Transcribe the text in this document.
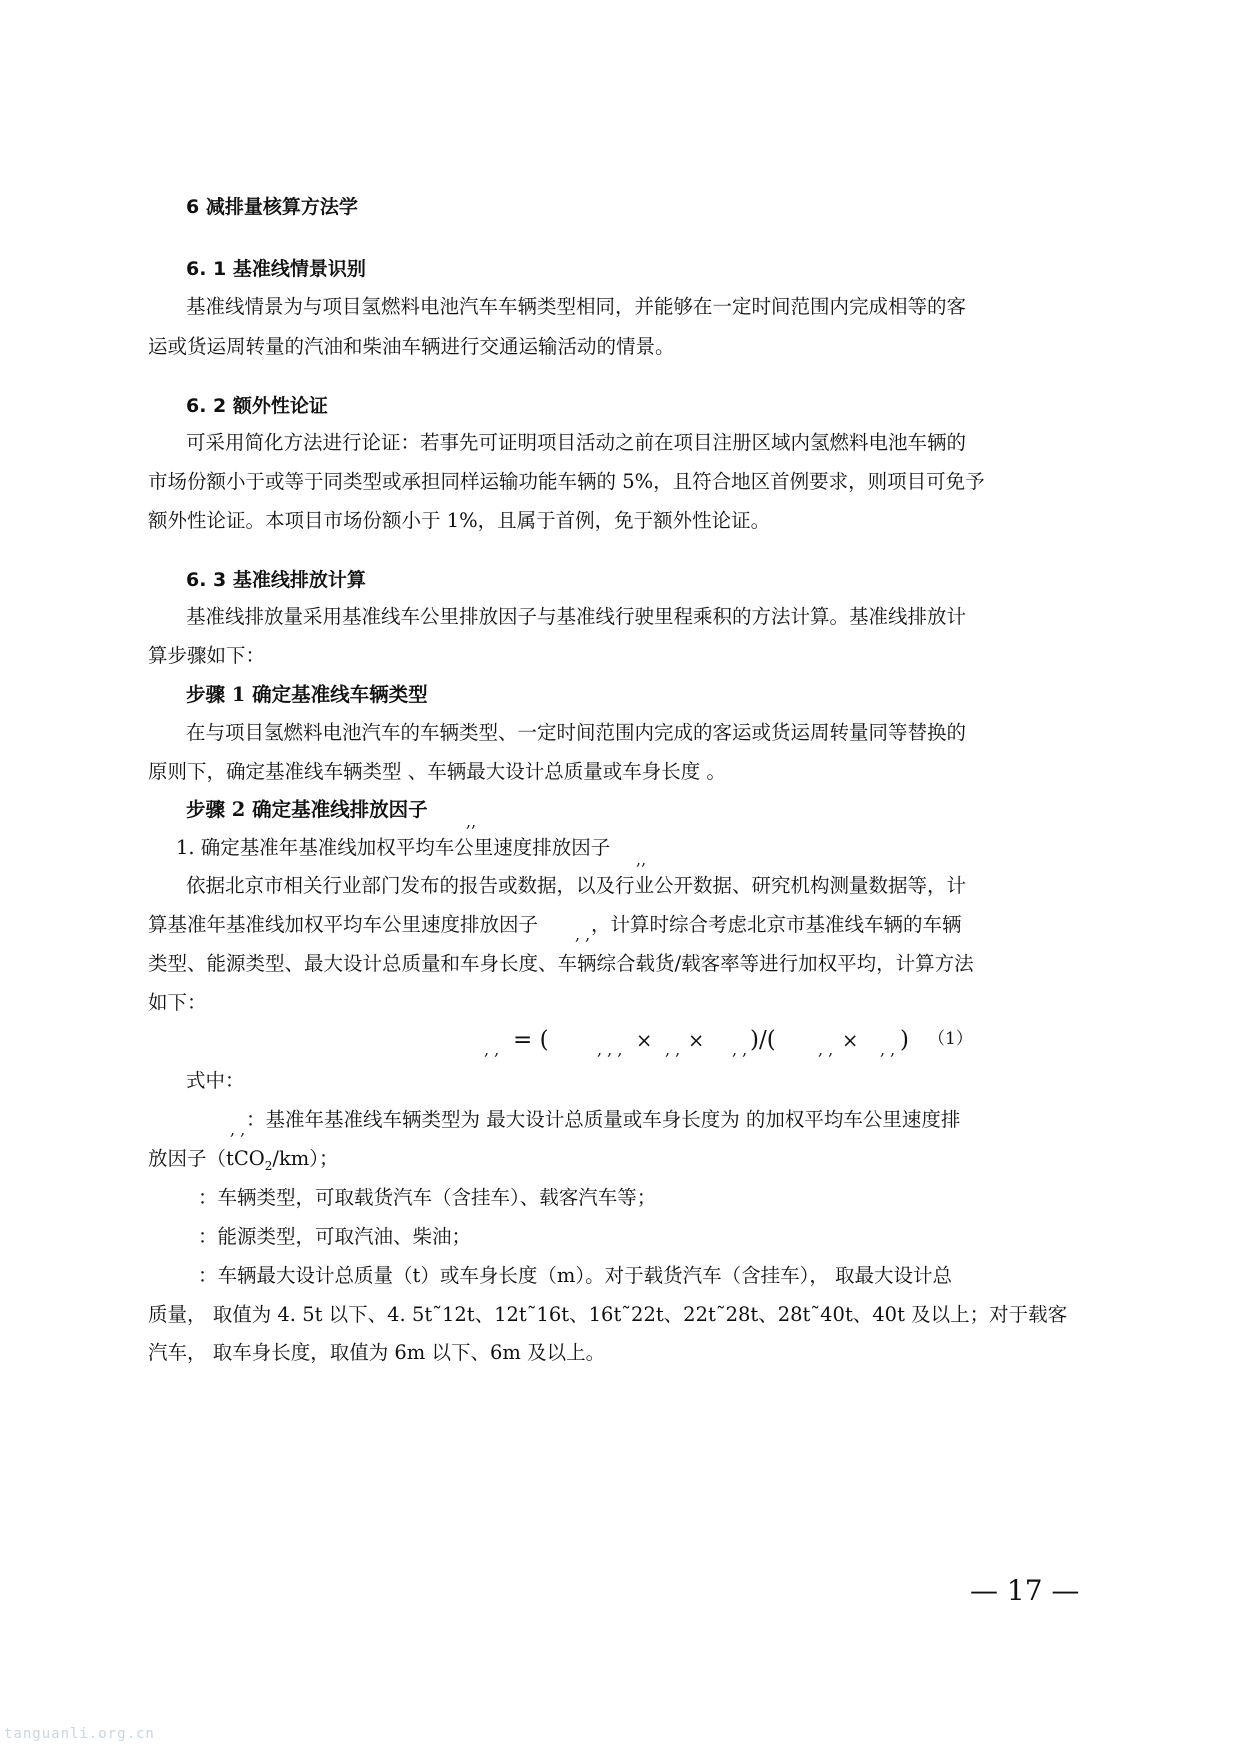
6 减排量核算方法学
6. 1 基准线情景识别
基准线情景为与项目氢燃料电池汽车车辆类型相同，并能够在一定时间范围内完成相等的客
运或货运周转量的汽油和柴油车辆进行交通运输活动的情景。
6. 2 额外性论证
可采用简化方法进行论证：若事先可证明项目活动之前在项目注册区域内氢燃料电池车辆的
市场份额小于或等于同类型或承担同样运输功能车辆的 5%，且符合地区首例要求，则项目可免予
额外性论证。本项目市场份额小于 1%，且属于首例，免于额外性论证。
6. 3 基准线排放计算
基准线排放量采用基准线车公里排放因子与基准线行驶里程乘积的方法计算。基准线排放计
算步骤如下：
步骤 1 确定基准线车辆类型
在与项目氢燃料电池汽车的车辆类型、一定时间范围内完成的客运或货运周转量同等替换的
原则下，确定基准线车辆类型 、车辆最大设计总质量或车身长度 。
步骤 2 确定基准线排放因子
,,
1. 确定基准年基准线加权平均车公里速度排放因子
,,
依据北京市相关行业部门发布的报告或数据，以及行业公开数据、研究机构测量数据等，计
算基准年基准线加权平均车公里速度排放因子 , , ，计算时综合考虑北京市基准线车辆的车辆
类型、能源类型、最大设计总质量和车身长度、车辆综合载货/载客率等进行加权平均，计算方法
如下：
, , = (	, , , × , , × , , )/(	, , × , , ) （1）
式中：
, , ：基准年基准线车辆类型为 最大设计总质量或车身长度为 的加权平均车公里速度排
放因子（tCO$_2$/km）；
：车辆类型，可取载货汽车（含挂车）、载客汽车等；
：能源类型，可取汽油、柴油；
：车辆最大设计总质量（t）或车身长度（m）。对于载货汽车（含挂车）， 取最大设计总
质量， 取值为 4. 5t 以下、4. 5t˜12t、12t˜16t、16t˜22t、22t˜28t、28t˜40t、40t 及以上；对于载客
汽车， 取车身长度，取值为 6m 以下、6m 及以上。
— 17 —
tanguanli.org.cn
